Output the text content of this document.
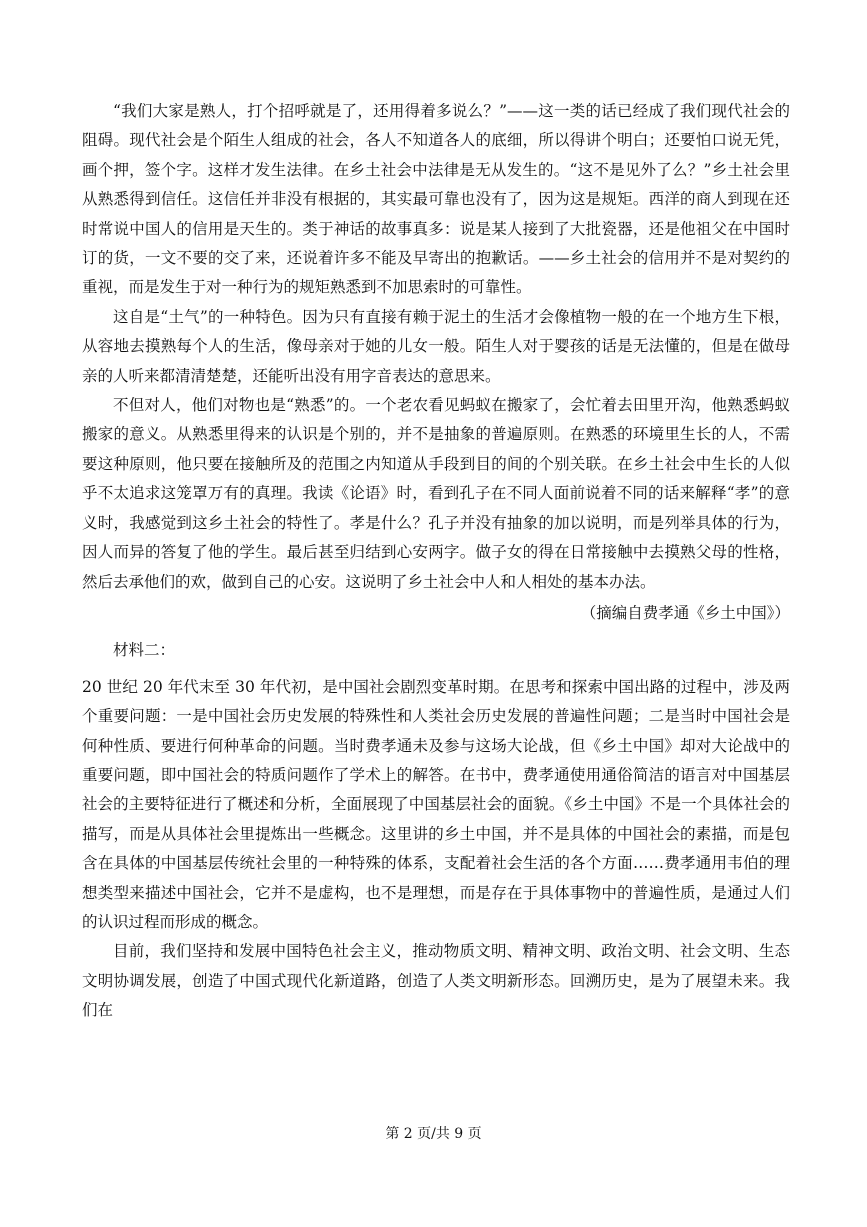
“我们大家是熟人，打个招呼就是了，还用得着多说么？”——这一类的话已经成了我们现代社会的阻碍。现代社会是个陌生人组成的社会，各人不知道各人的底细，所以得讲个明白；还要怕口说无凭，画个押，签个字。这样才发生法律。在乡土社会中法律是无从发生的。“这不是见外了么？”乡土社会里从熟悉得到信任。这信任并非没有根据的，其实最可靠也没有了，因为这是规矩。西洋的商人到现在还时常说中国人的信用是天生的。类于神话的故事真多：说是某人接到了大批瓷器，还是他祖父在中国时订的货，一文不要的交了来，还说着许多不能及早寄出的抱歉话。——乡土社会的信用并不是对契约的重视，而是发生于对一种行为的规矩熟悉到不加思索时的可靠性。

这自是“土气”的一种特色。因为只有直接有赖于泥土的生活才会像植物一般的在一个地方生下根，从容地去摸熟每个人的生活，像母亲对于她的儿女一般。陌生人对于婴孩的话是无法懂的，但是在做母亲的人听来都清清楚楚，还能听出没有用字音表达的意思来。

不但对人，他们对物也是“熟悉”的。一个老农看见蚂蚁在搬家了，会忙着去田里开沟，他熟悉蚂蚁搬家的意义。从熟悉里得来的认识是个别的，并不是抽象的普遍原则。在熟悉的环境里生长的人，不需要这种原则，他只要在接触所及的范围之内知道从手段到目的间的个别关联。在乡土社会中生长的人似乎不太追求这笼罩万有的真理。我读《论语》时，看到孔子在不同人面前说着不同的话来解释“孝”的意义时，我感觉到这乡土社会的特性了。孝是什么？孔子并没有抽象的加以说明，而是列举具体的行为，因人而异的答复了他的学生。最后甚至归结到心安两字。做子女的得在日常接触中去摸熟父母的性格，然后去承他们的欢，做到自己的心安。这说明了乡土社会中人和人相处的基本办法。

（摘编自费孝通《乡土中国》）

材料二：

20 世纪 20 年代末至 30 年代初，是中国社会剧烈变革时期。在思考和探索中国出路的过程中，涉及两个重要问题：一是中国社会历史发展的特殊性和人类社会历史发展的普遍性问题；二是当时中国社会是何种性质、要进行何种革命的问题。当时费孝通未及参与这场大论战，但《乡土中国》却对大论战中的重要问题，即中国社会的特质问题作了学术上的解答。在书中，费孝通使用通俗简洁的语言对中国基层社会的主要特征进行了概述和分析，全面展现了中国基层社会的面貌。《乡土中国》不是一个具体社会的描写，而是从具体社会里提炼出一些概念。这里讲的乡土中国，并不是具体的中国社会的素描，而是包含在具体的中国基层传统社会里的一种特殊的体系，支配着社会生活的各个方面……费孝通用韦伯的理想类型来描述中国社会，它并不是虚构，也不是理想，而是存在于具体事物中的普遍性质，是通过人们的认识过程而形成的概念。

目前，我们坚持和发展中国特色社会主义，推动物质文明、精神文明、政治文明、社会文明、生态文明协调发展，创造了中国式现代化新道路，创造了人类文明新形态。回溯历史，是为了展望未来。我们在

第 2 页/共 9 页
